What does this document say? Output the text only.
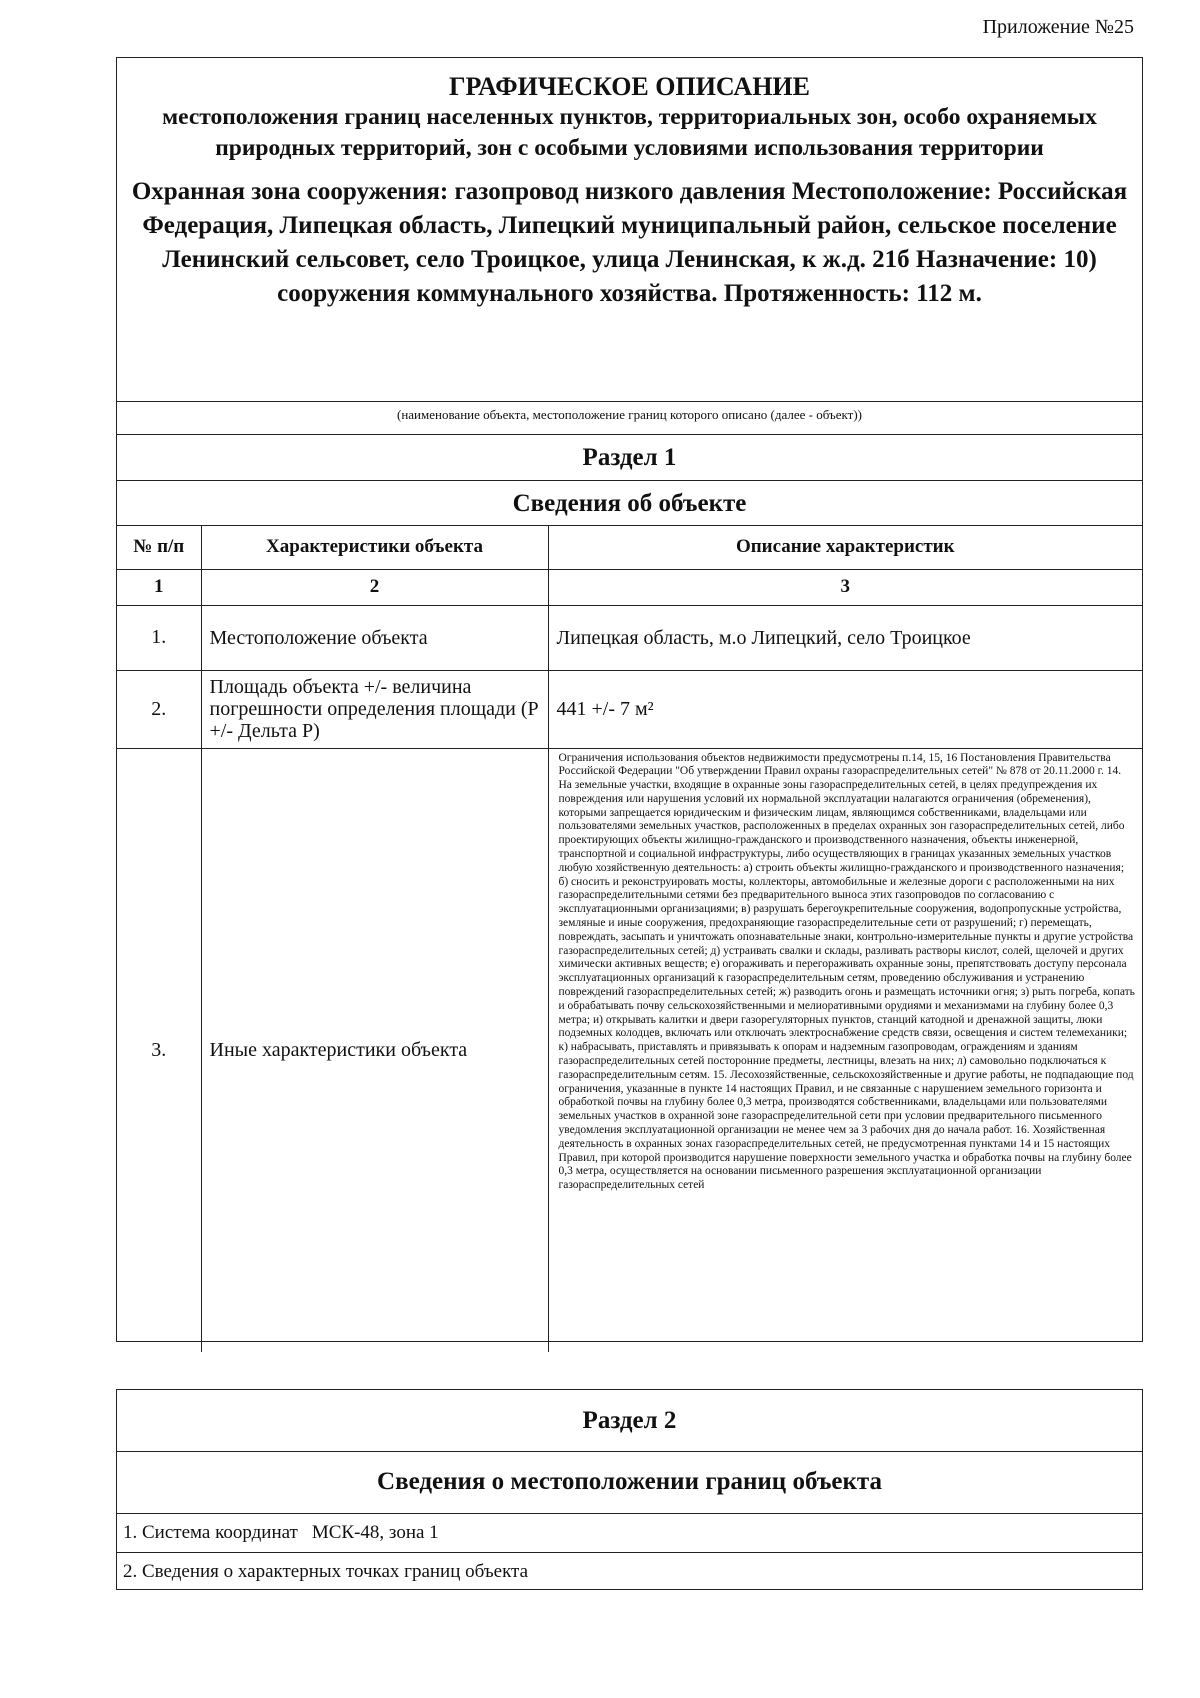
Приложение №25
ГРАФИЧЕСКОЕ ОПИСАНИЕ
местоположения границ населенных пунктов, территориальных зон, особо охраняемых природных территорий, зон с особыми условиями использования территории
Охранная зона сооружения: газопровод низкого давления Местоположение: Российская Федерация, Липецкая область, Липецкий муниципальный район, сельское поселение Ленинский сельсовет, село Троицкое, улица Ленинская, к ж.д. 21б Назначение: 10) сооружения коммунального хозяйства. Протяженность: 112 м.
(наименование объекта, местоположение границ которого описано (далее - объект))
Раздел 1
Сведения об объекте
№ п/п	Характеристики объекта	Описание характеристик
1	2	3
1.	Местоположение объекта	Липецкая область, м.о Липецкий, село Троицкое
2.	Площадь объекта +/- величина погрешности определения площади (P +/- Дельта P)	441 +/- 7 м²
3.	Иные характеристики объекта	Ограничения использования объектов недвижимости предусмотрены п.14, 15, 16 Постановления Правительства Российской Федерации "Об утверждении Правил охраны газораспределительных сетей" № 878 от 20.11.2000 г. 14. На земельные участки, входящие в охранные зоны газораспределительных сетей, в целях предупреждения их повреждения или нарушения условий их нормальной эксплуатации налагаются ограничения (обременения), которыми запрещается юридическим и физическим лицам, являющимся собственниками, владельцами или пользователями земельных участков, расположенных в пределах охранных зон газораспределительных сетей, либо проектирующих объекты жилищно-гражданского и производственного назначения, объекты инженерной, транспортной и социальной инфраструктуры, либо осуществляющих в границах указанных земельных участков любую хозяйственную деятельность: а) строить объекты жилищно-гражданского и производственного назначения; б) сносить и реконструировать мосты, коллекторы, автомобильные и железные дороги с расположенными на них газораспределительными сетями без предварительного выноса этих газопроводов по согласованию с эксплуатационными организациями; в) разрушать берегоукрепительные сооружения, водопропускные устройства, земляные и иные сооружения, предохраняющие газораспределительные сети от разрушений; г) перемещать, повреждать, засыпать и уничтожать опознавательные знаки, контрольно-измерительные пункты и другие устройства газораспределительных сетей; д) устраивать свалки и склады, разливать растворы кислот, солей, щелочей и других химически активных веществ; е) огораживать и перегораживать охранные зоны, препятствовать доступу персонала эксплуатационных организаций к газораспределительным сетям, проведению обслуживания и устранению повреждений газораспределительных сетей; ж) разводить огонь и размещать источники огня; з) рыть погреба, копать и обрабатывать почву сельскохозяйственными и мелиоративными орудиями и механизмами на глубину более 0,3 метра; и) открывать калитки и двери газорегуляторных пунктов, станций катодной и дренажной защиты, люки подземных колодцев, включать или отключать электроснабжение средств связи, освещения и систем телемеханики; к) набрасывать, приставлять и привязывать к опорам и надземным газопроводам, ограждениям и зданиям газораспределительных сетей посторонние предметы, лестницы, влезать на них; л) самовольно подключаться к газораспределительным сетям. 15. Лесохозяйственные, сельскохозяйственные и другие работы, не подпадающие под ограничения, указанные в пункте 14 настоящих Правил, и не связанные с нарушением земельного горизонта и обработкой почвы на глубину более 0,3 метра, производятся собственниками, владельцами или пользователями земельных участков в охранной зоне газораспределительной сети при условии предварительного письменного уведомления эксплуатационной организации не менее чем за 3 рабочих дня до начала работ. 16. Хозяйственная деятельность в охранных зонах газораспределительных сетей, не предусмотренная пунктами 14 и 15 настоящих Правил, при которой производится нарушение поверхности земельного участка и обработка почвы на глубину более 0,3 метра, осуществляется на основании письменного разрешения эксплуатационной организации газораспределительных сетей
Раздел 2
Сведения о местоположении границ объекта
1. Система координат МСК-48, зона 1
2. Сведения о характерных точках границ объекта
